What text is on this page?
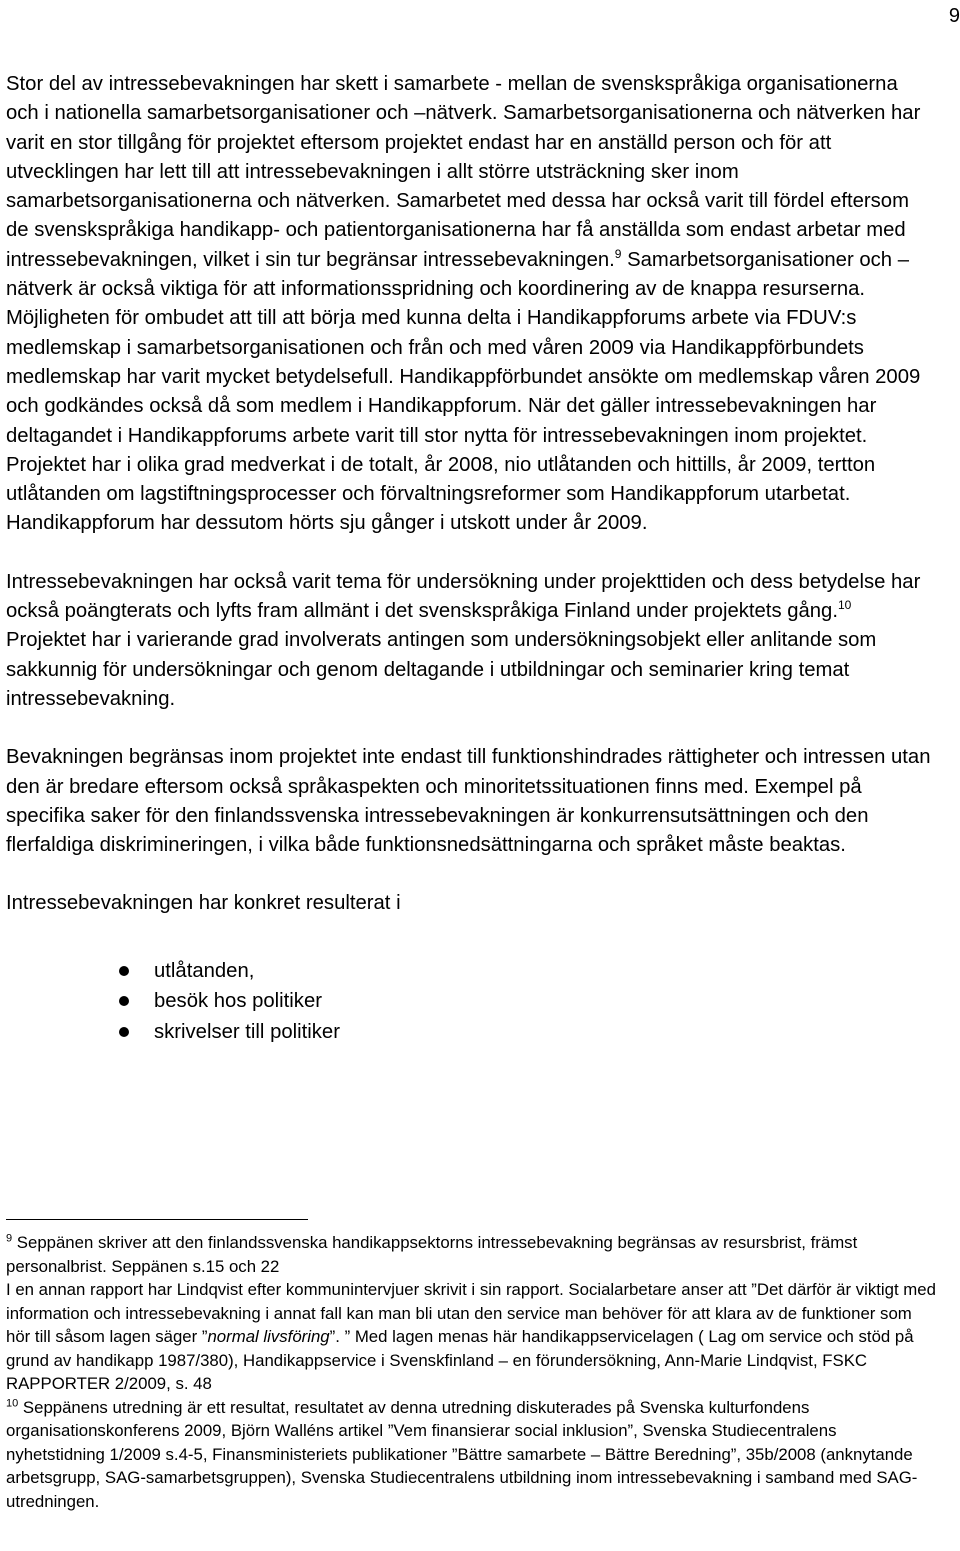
9

Stor del av intressebevakningen har skett i samarbete - mellan de svenskspråkiga organisationerna och i nationella samarbetsorganisationer och –nätverk. Samarbetsorganisationerna och nätverken har varit en stor tillgång för projektet eftersom projektet endast har en anställd person och för att utvecklingen har lett till att intressebevakningen i allt större utsträckning sker inom samarbetsorganisationerna och nätverken. Samarbetet med dessa har också varit till fördel eftersom de svenskspråkiga handikapp- och patientorganisationerna har få anställda som endast arbetar med intressebevakningen, vilket i sin tur begränsar intressebevakningen.$^9$ Samarbetsorganisationer och –nätverk är också viktiga för att informationsspridning och koordinering av de knappa resurserna. Möjligheten för ombudet att till att börja med kunna delta i Handikappforums arbete via FDUV:s medlemskap i samarbetsorganisationen och från och med våren 2009 via Handikappförbundets medlemskap har varit mycket betydelsefull. Handikappförbundet ansökte om medlemskap våren 2009 och godkändes också då som medlem i Handikappforum. När det gäller intressebevakningen har deltagandet i Handikappforums arbete varit till stor nytta för intressebevakningen inom projektet. Projektet har i olika grad medverkat i de totalt, år 2008, nio utlåtanden och hittills, år 2009, tertton utlåtanden om lagstiftningsprocesser och förvaltningsreformer som Handikappforum utarbetat. Handikappforum har dessutom hörts sju gånger i utskott under år 2009.

Intressebevakningen har också varit tema för undersökning under projekttiden och dess betydelse har också poängterats och lyfts fram allmänt i det svenskspråkiga Finland under projektets gång.$^{10}$ Projektet har i varierande grad involverats antingen som undersökningsobjekt eller anlitande som sakkunnig för undersökningar och genom deltagande i utbildningar och seminarier kring temat intressebevakning.

Bevakningen begränsas inom projektet inte endast till funktionshindrades rättigheter och intressen utan den är bredare eftersom också språkaspekten och minoritetssituationen finns med. Exempel på specifika saker för den finlandssvenska intressebevakningen är konkurrensutsättningen och den flerfaldiga diskrimineringen, i vilka både funktionsnedsättningarna och språket måste beaktas.

Intressebevakningen har konkret resulterat i

utlåtanden,
besök hos politiker
skrivelser till politiker
$^9$ Seppänen skriver att den finlandssvenska handikappsektorns intressebevakning begränsas av resursbrist, främst personalbrist. Seppänen s.15 och 22
I en annan rapport har Lindqvist efter kommunintervjuer skrivit i sin rapport. Socialarbetare anser att ”Det därför är viktigt med information och intressebevakning i annat fall kan man bli utan den service man behöver för att klara av de funktioner som hör till såsom lagen säger ”normal livsföring”. ” Med lagen menas här handikappservicelagen ( Lag om service och stöd på grund av handikapp 1987/380), Handikappservice i Svenskfinland – en förundersökning, Ann-Marie Lindqvist, FSKC RAPPORTER 2/2009, s. 48
$^{10}$ Seppänens utredning är ett resultat, resultatet av denna utredning diskuterades på Svenska kulturfondens organisationskonferens 2009, Björn Walléns artikel ”Vem finansierar social inklusion”, Svenska Studiecentralens nyhetstidning 1/2009 s.4-5, Finansministeriets publikationer ”Bättre samarbete – Bättre Beredning”, 35b/2008 (anknytande arbetsgrupp, SAG-samarbetsgruppen), Svenska Studiecentralens utbildning inom intressebevakning i samband med SAG-utredningen.
